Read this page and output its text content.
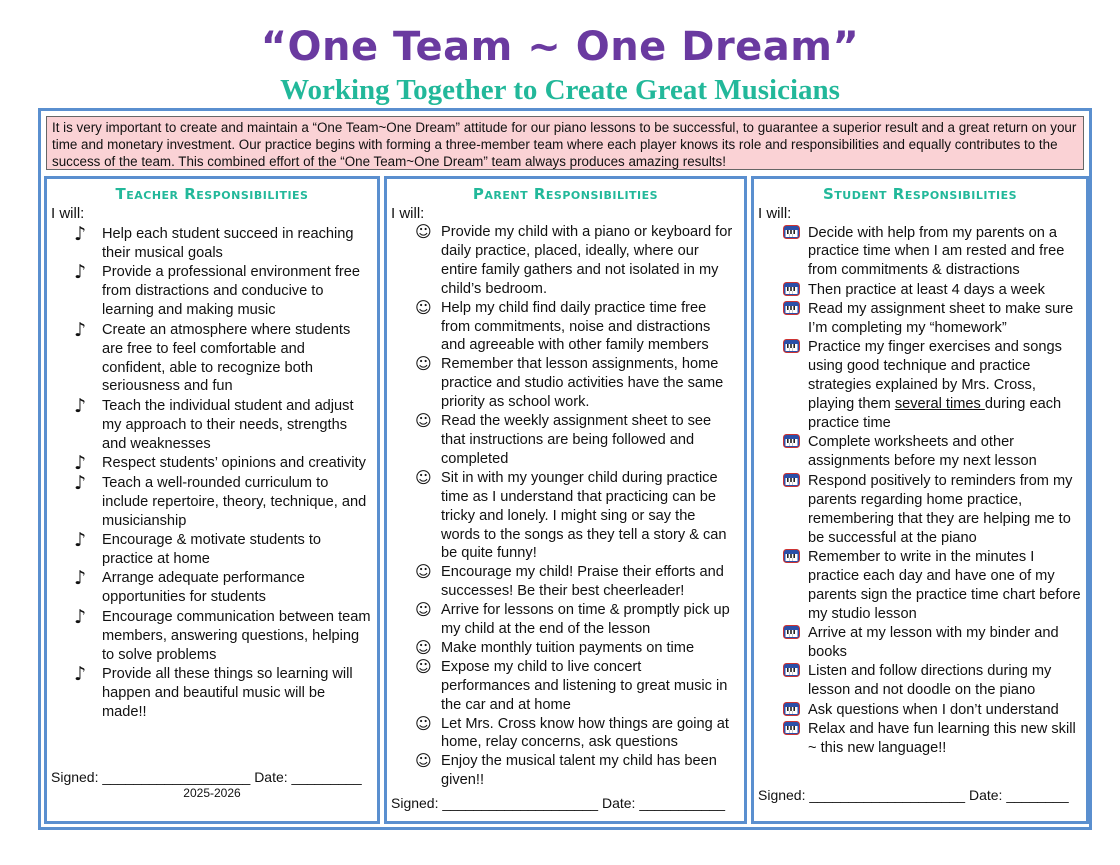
“One Team ~ One Dream”
Working Together to Create Great Musicians
It is very important to create and maintain a “One Team~One Dream” attitude for our piano lessons to be successful, to guarantee a superior result and a great return on your time and monetary investment. Our practice begins with forming a three-member team where each player knows its role and responsibilities and equally contributes to the success of the team. This combined effort of the “One Team~One Dream” team always produces amazing results!
Teacher Responsibilities
I will:
♪ Help each student succeed in reaching their musical goals
♪ Provide a professional environment free from distractions and conducive to learning and making music
♪ Create an atmosphere where students are free to feel comfortable and confident, able to recognize both seriousness and fun
♪ Teach the individual student and adjust my approach to their needs, strengths and weaknesses
♪ Respect students’ opinions and creativity
♪ Teach a well-rounded curriculum to include repertoire, theory, technique, and musicianship
♪ Encourage & motivate students to practice at home
♪ Arrange adequate performance opportunities for students
♪ Encourage communication between team members, answering questions, helping to solve problems
♪ Provide all these things so learning will happen and beautiful music will be made!!
Signed: ___________________ Date: _________
2025-2026
Parent Responsibilities
I will:
☺ Provide my child with a piano or keyboard for daily practice, placed, ideally, where our entire family gathers and not isolated in my child’s bedroom.
☺ Help my child find daily practice time free from commitments, noise and distractions and agreeable with other family members
☺ Remember that lesson assignments, home practice and studio activities have the same priority as school work.
☺ Read the weekly assignment sheet to see that instructions are being followed and completed
☺ Sit in with my younger child during practice time as I understand that practicing can be tricky and lonely. I might sing or say the words to the songs as they tell a story & can be quite funny!
☺ Encourage my child! Praise their efforts and successes! Be their best cheerleader!
☺ Arrive for lessons on time & promptly pick up my child at the end of the lesson
☺ Make monthly tuition payments on time
☺ Expose my child to live concert performances and listening to great music in the car and at home
☺ Let Mrs. Cross know how things are going at home, relay concerns, ask questions
☺ Enjoy the musical talent my child has been given!!
Signed: ____________________ Date: ___________
Student Responsibilities
I will:
Decide with help from my parents on a practice time when I am rested and free from commitments & distractions
Then practice at least 4 days a week
Read my assignment sheet to make sure I’m completing my “homework”
Practice my finger exercises and songs using good technique and practice strategies explained by Mrs. Cross, playing them several times during each practice time
Complete worksheets and other assignments before my next lesson
Respond positively to reminders from my parents regarding home practice, remembering that they are helping me to be successful at the piano
Remember to write in the minutes I practice each day and have one of my parents sign the practice time chart before my studio lesson
Arrive at my lesson with my binder and books
Listen and follow directions during my lesson and not doodle on the piano
Ask questions when I don’t understand
Relax and have fun learning this new skill ~ this new language!!
Signed: ____________________ Date: ________
